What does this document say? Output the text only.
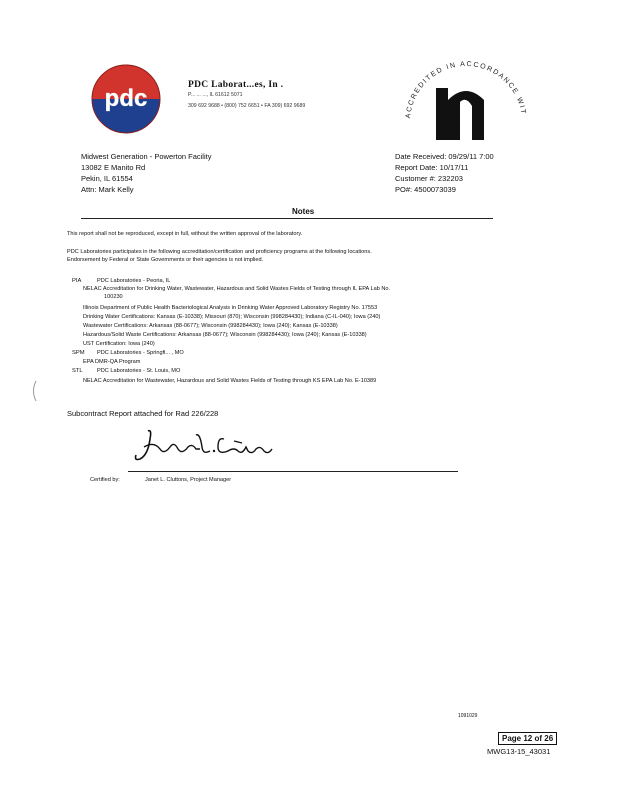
pdc	PDC Laborat...es, In .
P... ... ..., IL 61612 5071
309 692 9688 • (800) 752 6651 • FA 309) 692 9689
ACCREDITED IN ACCORDANCE WIT
Midwest Generation - Powerton Facility
13082 E Manito Rd
Pekin, IL 61554
Attn: Mark Kelly
Date Received: 09/29/11 7:00
Report Date: 10/17/11
Customer #: 232203
PO#: 4500073039
Notes
This report shall not be reproduced, except in full, without the written approval of the laboratory.
PDC Laboratories participates in the following accreditation/certification and proficiency programs at the following locations.
Endorsement by Federal or State Governments or their agencies is not implied.
PIA	PDC Laboratories - Peoria, IL
NELAC Accreditation for Drinking Water, Wastewater, Hazardous and Solid Wastes Fields of Testing through IL EPA Lab No.
100230
Illinois Department of Public Health Bacteriological Analysis in Drinking Water Approved Laboratory Registry No. 17553
Drinking Water Certifications: Kansas (E-10338); Missouri (870); Wisconsin (998284430); Indiana (C-IL-040); Iowa (240)
Wastewater Certifications: Arkansas (88-0677); Wisconsin (998284430); Iowa (240); Kansas (E-10338)
Hazardous/Solid Waste Certifications: Arkansas (88-0677); Wisconsin (998284430); Iowa (240); Kansas (E-10338)
UST Certification: Iowa (240)
SPM PDC Laboratories - Springfi... , MO
EPA DMR-QA Program
STL	PDC Laboratories - St. Louis, MO
NELAC Accreditation for Wastewater, Hazardous and Solid Wastes Fields of Testing through KS EPA Lab No. E-10389
Subcontract Report attached for Rad 226/228
Certified by:	Janet L. Cluttons, Project Manager
1091029
Page 12 of 26
MWG13-15_43031
